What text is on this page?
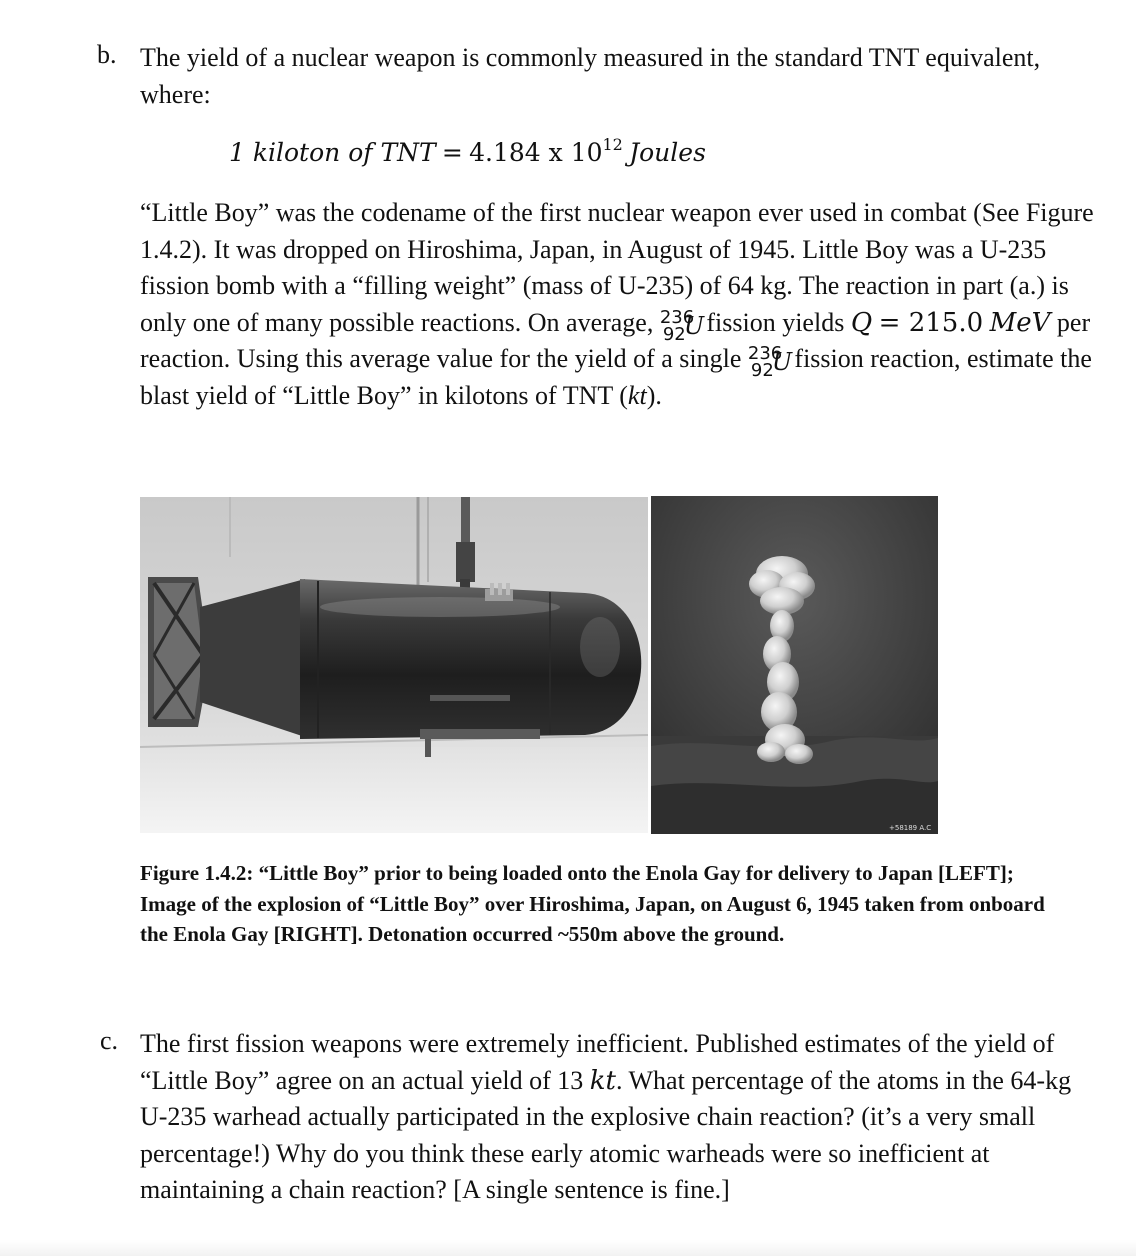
b. The yield of a nuclear weapon is commonly measured in the standard TNT equivalent, where:
1 kiloton of TNT = 4.184 x $10^{12}$ Joules
“Little Boy” was the codename of the first nuclear weapon ever used in combat (See Figure 1.4.2). It was dropped on Hiroshima, Japan, in August of 1945. Little Boy was a U-235 fission bomb with a “filling weight” (mass of U-235) of 64 kg. The reaction in part (a.) is only one of many possible reactions. On average, 236
92
U fission yields Q = 215.0 MeV per reaction. Using this average value for the yield of a single 236
92
U fission reaction, estimate the blast yield of “Little Boy” in kilotons of TNT (kt).
+58189 A.C
Figure 1.4.2: “Little Boy” prior to being loaded onto the Enola Gay for delivery to Japan [LEFT]; Image of the explosion of “Little Boy” over Hiroshima, Japan, on August 6, 1945 taken from onboard the Enola Gay [RIGHT]. Detonation occurred ~550m above the ground.
c. The first fission weapons were extremely inefficient. Published estimates of the yield of “Little Boy” agree on an actual yield of 13 kt. What percentage of the atoms in the 64-kg U-235 warhead actually participated in the explosive chain reaction? (it’s a very small percentage!) Why do you think these early atomic warheads were so inefficient at maintaining a chain reaction? [A single sentence is fine.]
